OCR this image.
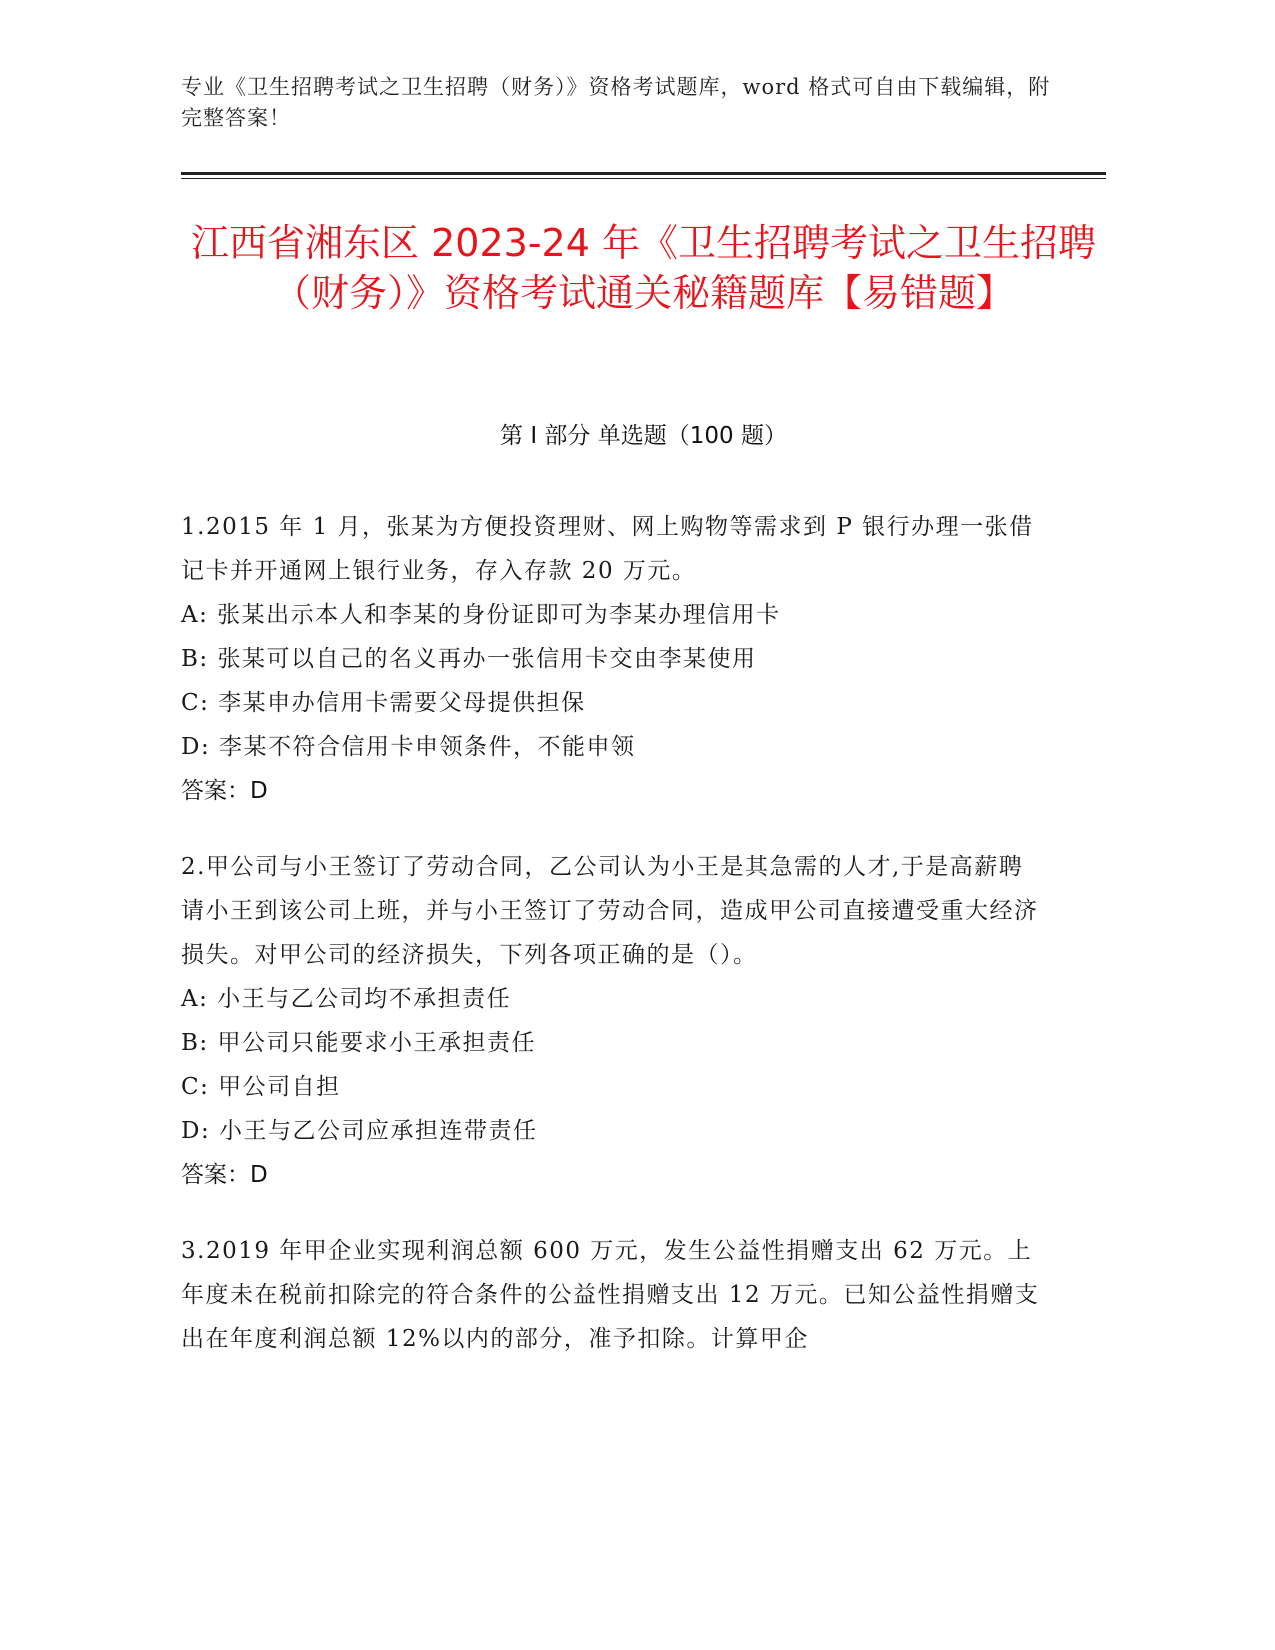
专业《卫生招聘考试之卫生招聘（财务）》资格考试题库，word 格式可自由下载编辑，附完整答案！
江西省湘东区 2023-24 年《卫生招聘考试之卫生招聘（财务）》资格考试通关秘籍题库【易错题】
第 I 部分 单选题（100 题）

1.2015 年 1 月，张某为方便投资理财、网上购物等需求到 P 银行办理一张借记卡并开通网上银行业务，存入存款 20 万元。

A: 张某出示本人和李某的身份证即可为李某办理信用卡

B: 张某可以自己的名义再办一张信用卡交由李某使用

C: 李某申办信用卡需要父母提供担保

D: 李某不符合信用卡申领条件，不能申领

答案：D

2.甲公司与小王签订了劳动合同，乙公司认为小王是其急需的人才,于是高薪聘请小王到该公司上班，并与小王签订了劳动合同，造成甲公司直接遭受重大经济损失。对甲公司的经济损失，下列各项正确的是（）。

A: 小王与乙公司均不承担责任

B: 甲公司只能要求小王承担责任

C: 甲公司自担

D: 小王与乙公司应承担连带责任

答案：D

3.2019 年甲企业实现利润总额 600 万元，发生公益性捐赠支出 62 万元。上年度未在税前扣除完的符合条件的公益性捐赠支出 12 万元。已知公益性捐赠支出在年度利润总额 12%以内的部分，准予扣除。计算甲企
